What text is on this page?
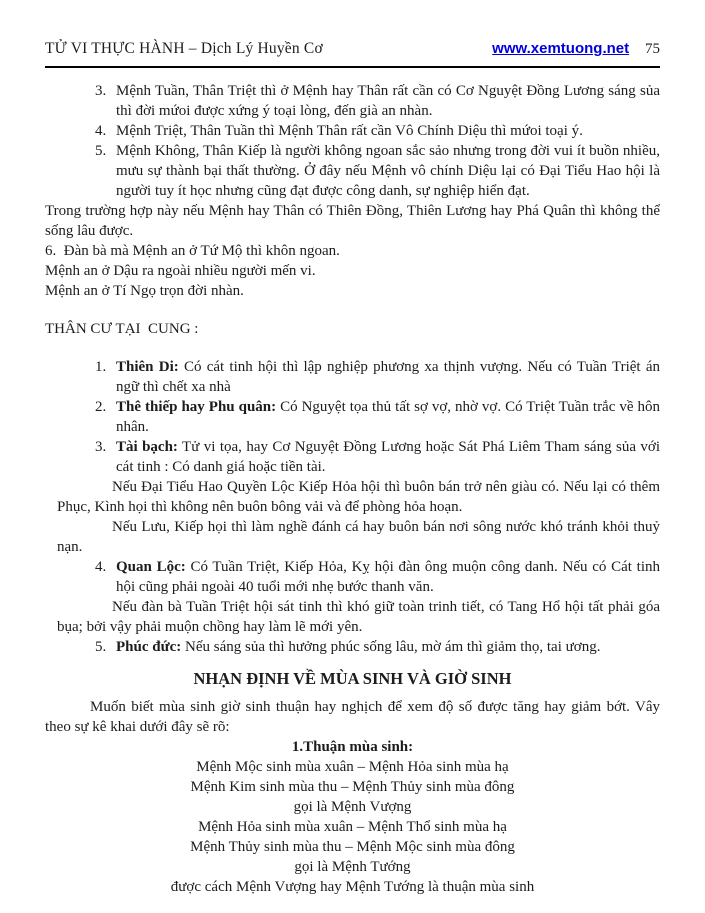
TỬ VI THỰC HÀNH – Dịch Lý Huyền Cơ	www.xemtuong.net 75
3. Mệnh Tuần, Thân Triệt thì ở Mệnh hay Thân rất cần có Cơ Nguyệt Đồng Lương sáng sủa thì đời mứoi được xứng ý toại lòng, đến già an nhàn.
4. Mệnh Triệt, Thân Tuần thì Mệnh Thân rất cần Vô Chính Diệu thì mứoi toại ý.
5. Mệnh Không, Thân Kiếp là người không ngoan sắc sảo nhưng trong đời vui ít buồn nhiều, mưu sự thành bại thất thường. Ở đây nếu Mệnh vô chính Diệu lại có Đại Tiểu Hao hội là người tuy ít học nhưng cũng đạt được công danh, sự nghiệp hiển đạt.

Trong trường hợp này nếu Mệnh hay Thân có Thiên Đồng, Thiên Lương hay Phá Quân thì không thể sống lâu được.

6.  Đàn bà mà Mệnh an ở Tứ Mộ thì khôn ngoan.

Mệnh an ở Dậu ra ngoài nhiều người mến vi.

Mệnh an ở Tí Ngọ trọn đời nhàn.

THÂN CƯ TẠI  CUNG :

1. Thiên Di: Có cát tinh hội thì lập nghiệp phương xa thịnh vượng. Nếu có Tuần Triệt án ngữ thì chết xa nhà
2. Thê thiếp hay Phu quân: Có Nguyệt tọa thủ tất sợ vợ, nhờ vợ. Có Triệt Tuần trắc về hôn nhân.
3. Tài bạch: Tử vi tọa, hay Cơ Nguyệt Đồng Lương hoặc Sát Phá Liêm Tham sáng sủa với cát tinh : Có danh giá hoặc tiền tài.

Nếu Đại Tiểu Hao Quyền Lộc Kiếp Hỏa hội thì buôn bán trở nên giàu có. Nếu lại có thêm Phục, Kình họi thì không nên buôn bông vải và để phòng hỏa hoạn.

Nếu Lưu, Kiếp họi thì làm nghề đánh cá hay buôn bán nơi sông nước khó tránh khỏi thuỷ nạn.

4. Quan Lộc: Có Tuần Triệt, Kiếp Hỏa, Kỵ hội đàn ông muộn công danh. Nếu có Cát tinh hội cũng phải ngoài 40 tuổi mới nhẹ bước thanh văn.

Nếu đàn bà Tuần Triệt hội sát tinh thì khó giữ toàn trinh tiết, có Tang Hổ hội tất phải góa bụa; bởi vậy phải muộn chồng hay làm lẽ mới yên.

5. Phúc đức: Nếu sáng sủa thì hưởng phúc sống lâu, mờ ám thì giảm thọ, tai ương.

NHẠN ĐỊNH VỀ MÙA SINH VÀ GIỜ SINH

Muốn biết mùa sinh giờ sinh thuận hay nghịch để xem độ số được tăng hay giảm bớt. Vây theo sự kê khai dưới đây sẽ rõ:

1.Thuận mùa sinh:

Mệnh Mộc sinh mùa xuân – Mệnh Hỏa sinh mùa hạ

Mệnh Kim sinh mùa thu – Mệnh Thủy sinh mùa đông

gọi là Mệnh Vượng

Mệnh Hỏa sinh mùa xuân – Mệnh Thổ sinh mùa hạ

Mệnh Thủy sinh mùa thu – Mệnh Mộc sinh mùa đông

gọi là Mệnh Tướng

được cách Mệnh Vượng hay Mệnh Tướng là thuận mùa sinh
